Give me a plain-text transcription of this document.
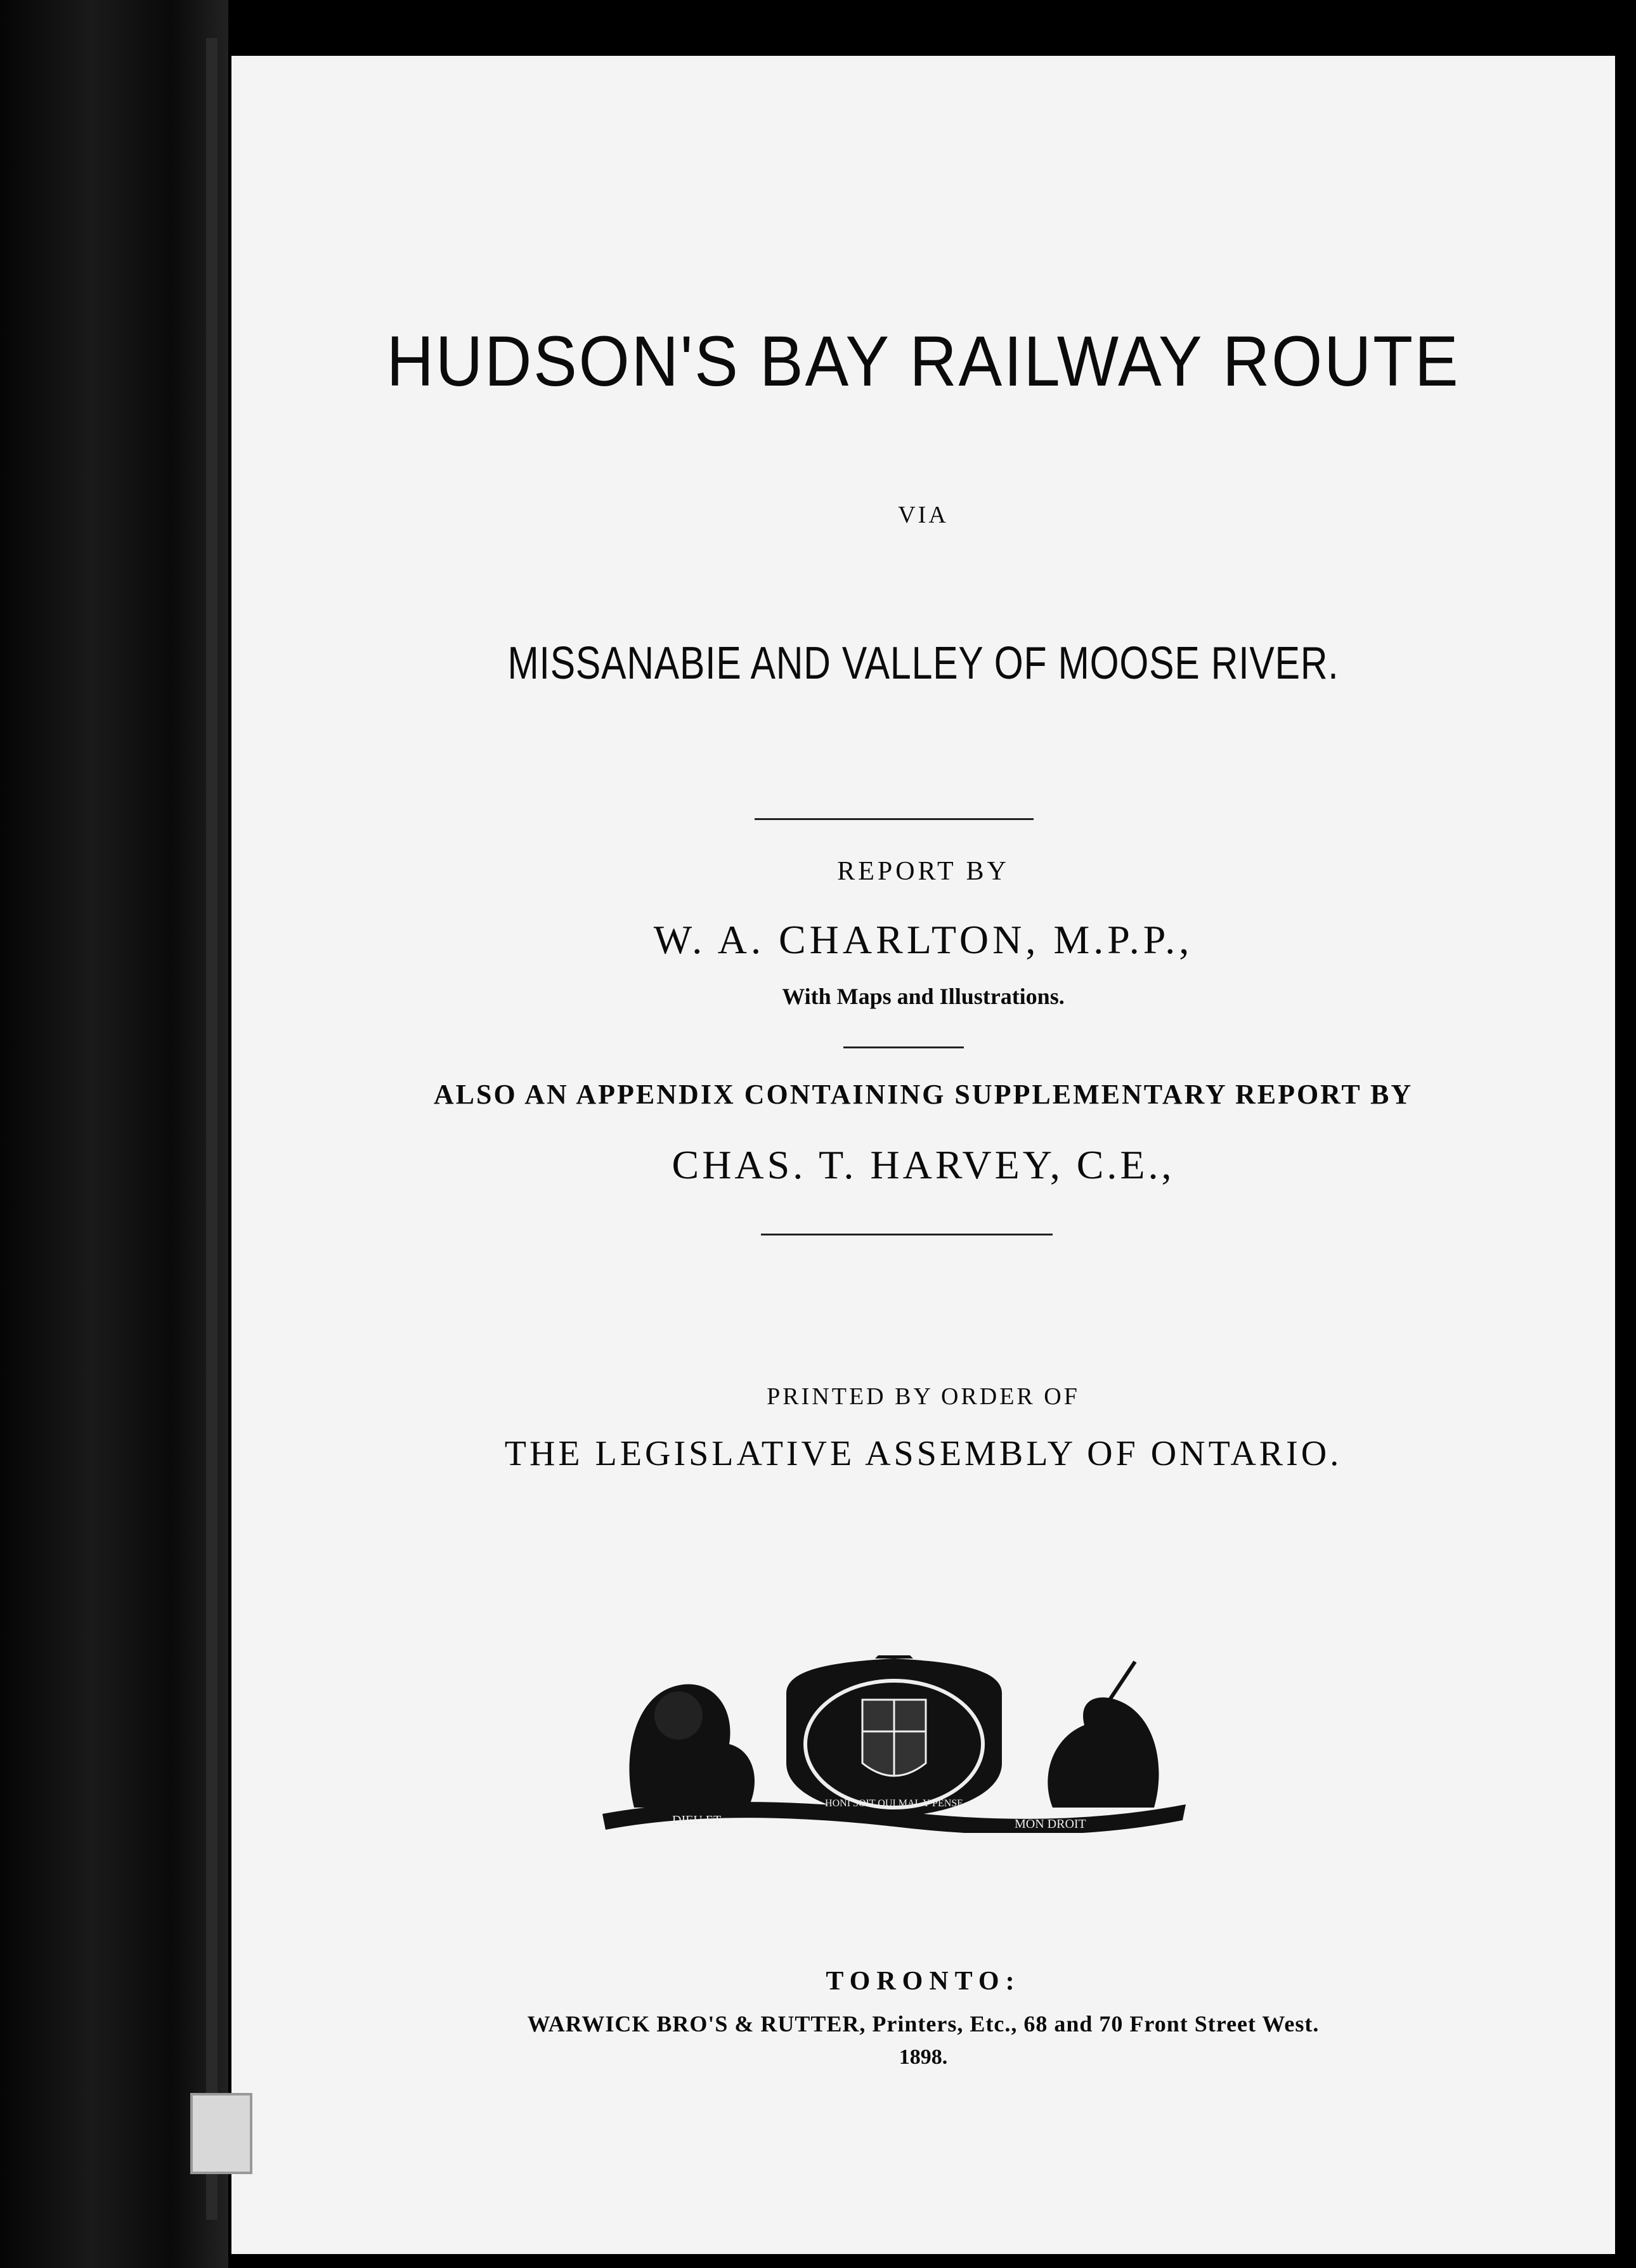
HUDSON'S BAY RAILWAY ROUTE
VIA
MISSANABIE AND VALLEY OF MOOSE RIVER.
REPORT BY
W. A. CHARLTON, M.P.P.,
With Maps and Illustrations.
ALSO AN APPENDIX CONTAINING SUPPLEMENTARY REPORT BY
CHAS. T. HARVEY, C.E.,
PRINTED BY ORDER OF
THE LEGISLATIVE ASSEMBLY OF ONTARIO.
DIEU ET	MON DROIT
HONI SOIT QUI MAL Y PENSE
TORONTO:
WARWICK BRO'S & RUTTER, Printers, Etc., 68 and 70 Front Street West.
1898.
